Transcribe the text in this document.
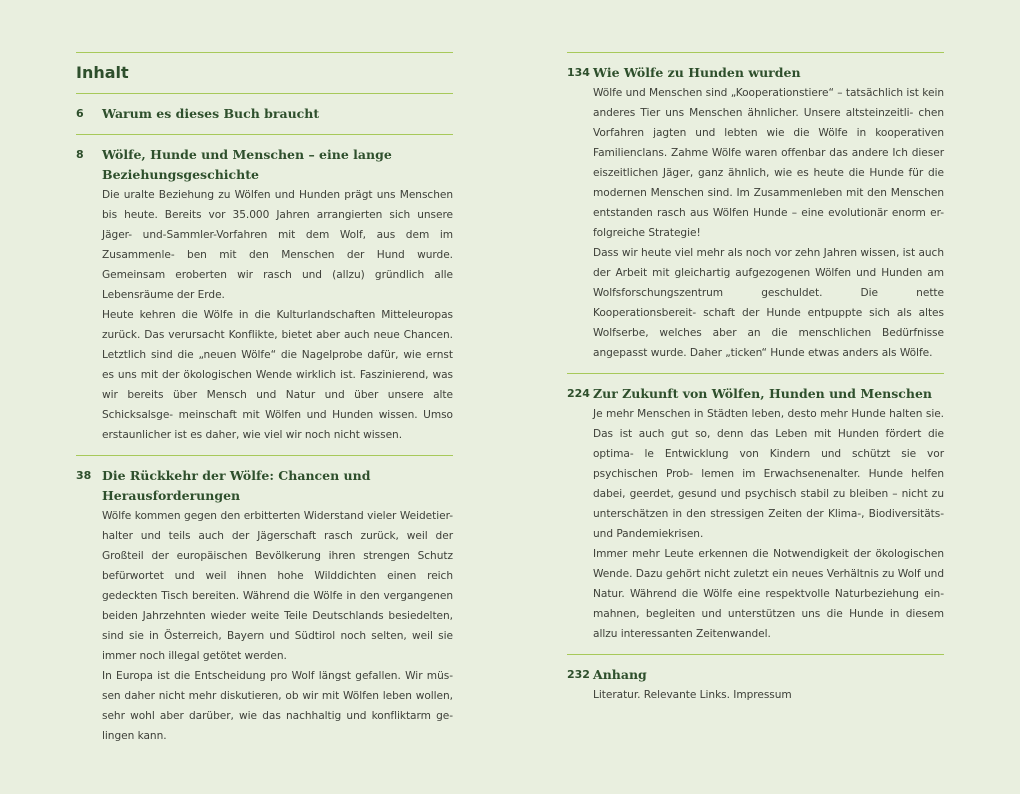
Inhalt
6	Warum es dieses Buch braucht

8	Wölfe, Hunde und Menschen – eine lange Beziehungsgeschichte

Die uralte Beziehung zu Wölfen und Hunden prägt uns Menschen bis heute. Bereits vor 35.000 Jahren arrangierten sich unsere Jäger- und-Sammler-Vorfahren mit dem Wolf, aus dem im Zusammenle- ben mit den Menschen der Hund wurde. Gemeinsam eroberten wir rasch und (allzu) gründlich alle Lebensräume der Erde.

Heute kehren die Wölfe in die Kulturlandschaften Mitteleuropas zurück. Das verursacht Konflikte, bietet aber auch neue Chancen. Letztlich sind die „neuen Wölfe“ die Nagelprobe dafür, wie ernst es uns mit der ökologischen Wende wirklich ist. Faszinierend, was wir bereits über Mensch und Natur und über unsere alte Schicksalsge- meinschaft mit Wölfen und Hunden wissen. Umso erstaunlicher ist es daher, wie viel wir noch nicht wissen.

38 Die Rückkehr der Wölfe: Chancen und Herausforderungen

Wölfe kommen gegen den erbitterten Widerstand vieler Weidetier- halter und teils auch der Jägerschaft rasch zurück, weil der Großteil der europäischen Bevölkerung ihren strengen Schutz befürwortet und weil ihnen hohe Wilddichten einen reich gedeckten Tisch bereiten. Während die Wölfe in den vergangenen beiden Jahrzehnten wieder weite Teile Deutschlands besiedelten, sind sie in Österreich, Bayern und Südtirol noch selten, weil sie immer noch illegal getötet werden.

In Europa ist die Entscheidung pro Wolf längst gefallen. Wir müs- sen daher nicht mehr diskutieren, ob wir mit Wölfen leben wollen, sehr wohl aber darüber, wie das nachhaltig und konfliktarm ge- lingen kann.

134 Wie Wölfe zu Hunden wurden

Wölfe und Menschen sind „Kooperationstiere“ – tatsächlich ist kein anderes Tier uns Menschen ähnlicher. Unsere altsteinzeitli- chen Vorfahren jagten und lebten wie die Wölfe in kooperativen Familienclans. Zahme Wölfe waren offenbar das andere Ich dieser eiszeitlichen Jäger, ganz ähnlich, wie es heute die Hunde für die modernen Menschen sind. Im Zusammenleben mit den Menschen entstanden rasch aus Wölfen Hunde – eine evolutionär enorm er- folgreiche Strategie!

Dass wir heute viel mehr als noch vor zehn Jahren wissen, ist auch der Arbeit mit gleichartig aufgezogenen Wölfen und Hunden am Wolfsforschungszentrum geschuldet. Die nette Kooperationsbereit- schaft der Hunde entpuppte sich als altes Wolfserbe, welches aber an die menschlichen Bedürfnisse angepasst wurde. Daher „ticken“ Hunde etwas anders als Wölfe.

224 Zur Zukunft von Wölfen, Hunden und Menschen

Je mehr Menschen in Städten leben, desto mehr Hunde halten sie. Das ist auch gut so, denn das Leben mit Hunden fördert die optima- le Entwicklung von Kindern und schützt sie vor psychischen Prob- lemen im Erwachsenenalter. Hunde helfen dabei, geerdet, gesund und psychisch stabil zu bleiben – nicht zu unterschätzen in den stressigen Zeiten der Klima-, Biodiversitäts- und Pandemiekrisen.

Immer mehr Leute erkennen die Notwendigkeit der ökologischen Wende. Dazu gehört nicht zuletzt ein neues Verhältnis zu Wolf und Natur. Während die Wölfe eine respektvolle Naturbeziehung ein- mahnen, begleiten und unterstützen uns die Hunde in diesem allzu interessanten Zeitenwandel.

232 Anhang

Literatur. Relevante Links. Impressum
